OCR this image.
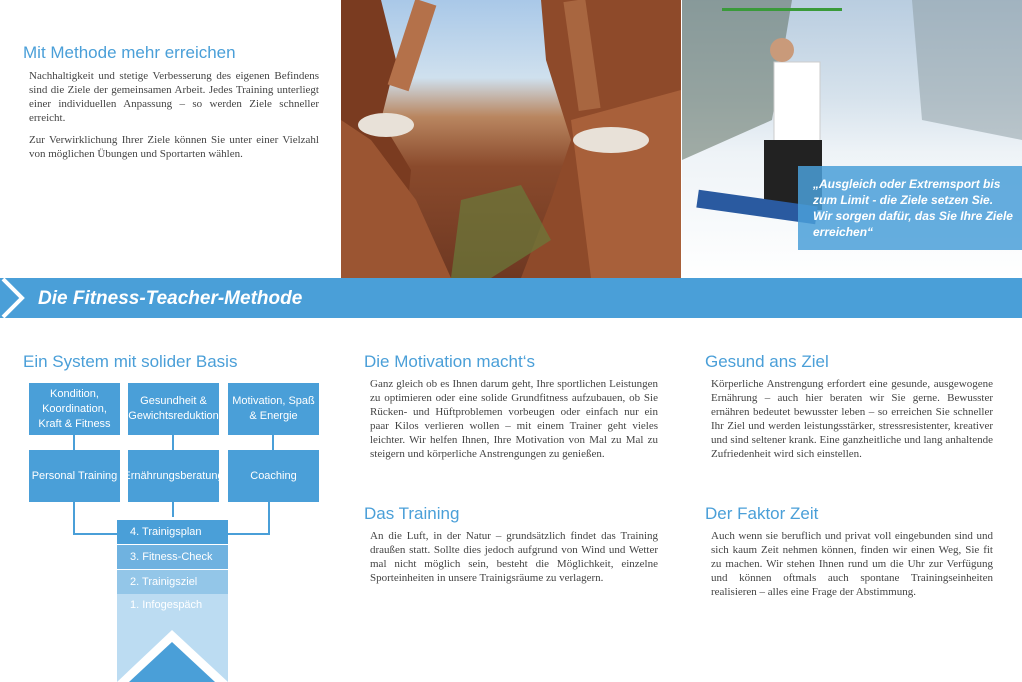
Mit Methode mehr erreichen

Nachhaltigkeit und stetige Verbesserung des eigenen Befindens sind die Ziele der gemeinsamen Arbeit. Jedes Training unterliegt einer individuellen Anpassung – so werden Ziele schneller erreicht.

Zur Verwirklichung Ihrer Ziele können Sie unter einer Vielzahl von möglichen Übungen und Sportarten wählen.

„Ausgleich oder Extremsport bis zum Limit - die Ziele setzen Sie. Wir sorgen dafür, das Sie Ihre Ziele erreichen“
Die Fitness-Teacher-Methode
Ein System mit solider Basis
Kondition, Koordination, Kraft & Fitness
Gesundheit & Gewichtsreduktion
Motivation, Spaß & Energie
Personal Training Ernährungsberatung	Coaching
4. Trainigsplan
3. Fitness-Check
2. Trainigsziel
1. Infogespäch
Die Motivation macht‘s

Ganz gleich ob es Ihnen darum geht, Ihre sportlichen Leistungen zu optimieren oder eine solide Grundfitness aufzubauen, ob Sie Rücken- und Hüftproblemen vorbeugen oder einfach nur ein paar Kilos verlieren wollen – mit einem Trainer geht vieles leichter. Wir helfen Ihnen, Ihre Motivation von Mal zu Mal zu steigern und körperliche Anstrengungen zu genießen.

Das Training

An die Luft, in der Natur – grundsätzlich findet das Training draußen statt. Sollte dies jedoch aufgrund von Wind und Wetter mal nicht möglich sein, besteht die Möglichkeit, einzelne Sporteinheiten in unsere Trainigsräume zu verlagern.

Gesund ans Ziel

Körperliche Anstrengung erfordert eine gesunde, ausgewogene Ernährung – auch hier beraten wir Sie gerne. Bewusster ernähren bedeutet bewusster leben – so erreichen Sie schneller Ihr Ziel und werden leistungsstärker, stressresistenter, kreativer und sind seltener krank. Eine ganzheitliche und lang anhaltende Zufriedenheit wird sich einstellen.

Der Faktor Zeit

Auch wenn sie beruflich und privat voll eingebunden sind und sich kaum Zeit nehmen können, finden wir einen Weg, Sie fit zu machen. Wir stehen Ihnen rund um die Uhr zur Verfügung und können oftmals auch spontane Trainingseinheiten realisieren – alles eine Frage der Abstimmung.
